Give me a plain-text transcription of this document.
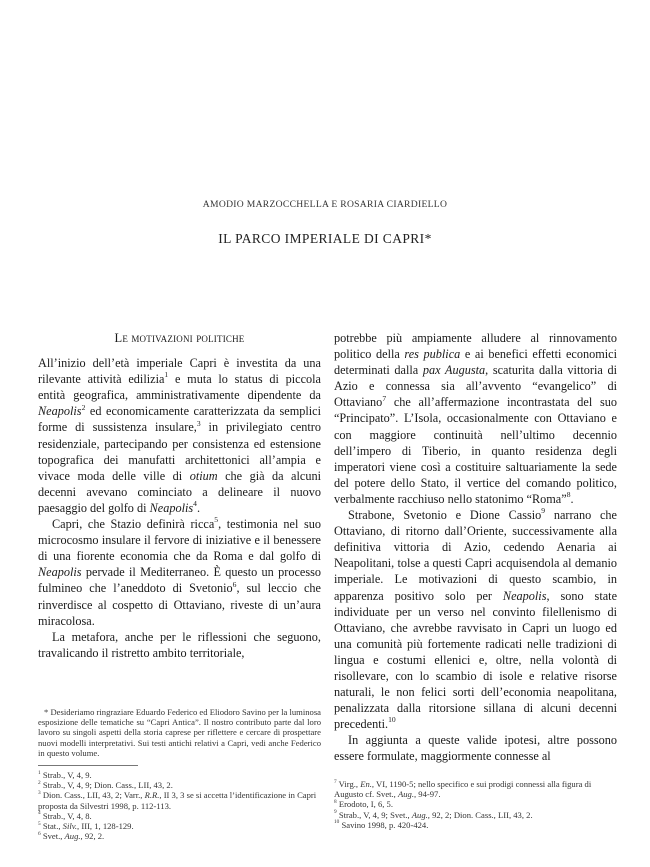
AMODIO MARZOCCHELLA E ROSARIA CIARDIELLO
IL PARCO IMPERIALE DI CAPRI*
Le motivazioni politiche

All’inizio dell’età imperiale Capri è investita da una rilevante attività edilizia$^1$ e muta lo status di piccola entità geografica, amministrativamente dipendente da Neapolis$^2$ ed economicamente caratterizzata da semplici forme di sussistenza insulare,$^3$ in privilegiato centro residenziale, partecipando per consistenza ed estensione topografica dei manufatti architettonici all’ampia e vivace moda delle ville di otium che già da alcuni decenni avevano cominciato a delineare il nuovo paesaggio del golfo di Neapolis$^4$.

Capri, che Stazio definirà ricca$^5$, testimonia nel suo microcosmo insulare il fervore di iniziative e il benessere di una fiorente economia che da Roma e dal golfo di Neapolis pervade il Mediterraneo. È questo un processo fulmineo che l’aneddoto di Svetonio$^6$, sul leccio che rinverdisce al cospetto di Ottaviano, riveste di un’aura miracolosa.

La metafora, anche per le riflessioni che seguono, travalicando il ristretto ambito territoriale,

potrebbe più ampiamente alludere al rinnovamento politico della res publica e ai benefici effetti economici determinati dalla pax Augusta, scaturita dalla vittoria di Azio e connessa sia all’avvento “evangelico” di Ottaviano$^7$ che all’affermazione incontrastata del suo “Principato”. L’Isola, occasionalmente con Ottaviano e con maggiore continuità nell’ultimo decennio dell’impero di Tiberio, in quanto residenza degli imperatori viene così a costituire saltuariamente la sede del potere dello Stato, il vertice del comando politico, verbalmente racchiuso nello statonimo “Roma”$^8$.

Strabone, Svetonio e Dione Cassio$^9$ narrano che Ottaviano, di ritorno dall’Oriente, successivamente alla definitiva vittoria di Azio, cedendo Aenaria ai Neapolitani, tolse a questi Capri acquisendola al demanio imperiale. Le motivazioni di questo scambio, in apparenza positivo solo per Neapolis, sono state individuate per un verso nel convinto filellenismo di Ottaviano, che avrebbe ravvisato in Capri un luogo ed una comunità più fortemente radicati nelle tradizioni di lingua e costumi ellenici e, oltre, nella volontà di risollevare, con lo scambio di isole e relative risorse naturali, le non felici sorti dell’economia neapolitana, penalizzata dalla ritorsione sillana di alcuni decenni precedenti.$^{10}$

In aggiunta a queste valide ipotesi, altre possono essere formulate, maggiormente connesse al

* Desideriamo ringraziare Eduardo Federico ed Eliodoro Savino per la luminosa esposizione delle tematiche su “Capri Antica”. Il nostro contributo parte dal loro lavoro su singoli aspetti della storia caprese per riflettere e cercare di prospettare nuovi modelli interpretativi. Sui testi antichi relativi a Capri, vedi anche Federico in questo volume.

$^1$ Strab., V, 4, 9.

$^2$ Strab., V, 4, 9; Dion. Cass., LII, 43, 2.

$^3$ Dion. Cass., LII, 43, 2; Varr., R.R., II 3, 3 se si accetta l’identificazione in Capri proposta da Silvestri 1998, p. 112-113.

$^4$ Strab., V, 4, 8.

$^5$ Stat., Silv., III, 1, 128-129.

$^6$ Svet., Aug., 92, 2.

$^7$ Virg., En., VI, 1190-5; nello specifico e sui prodigi connessi alla figura di Augusto cf. Svet., Aug., 94-97.

$^8$ Erodoto, I, 6, 5.

$^9$ Strab., V, 4, 9; Svet., Aug., 92, 2; Dion. Cass., LII, 43, 2.

$^{10}$ Savino 1998, p. 420-424.
